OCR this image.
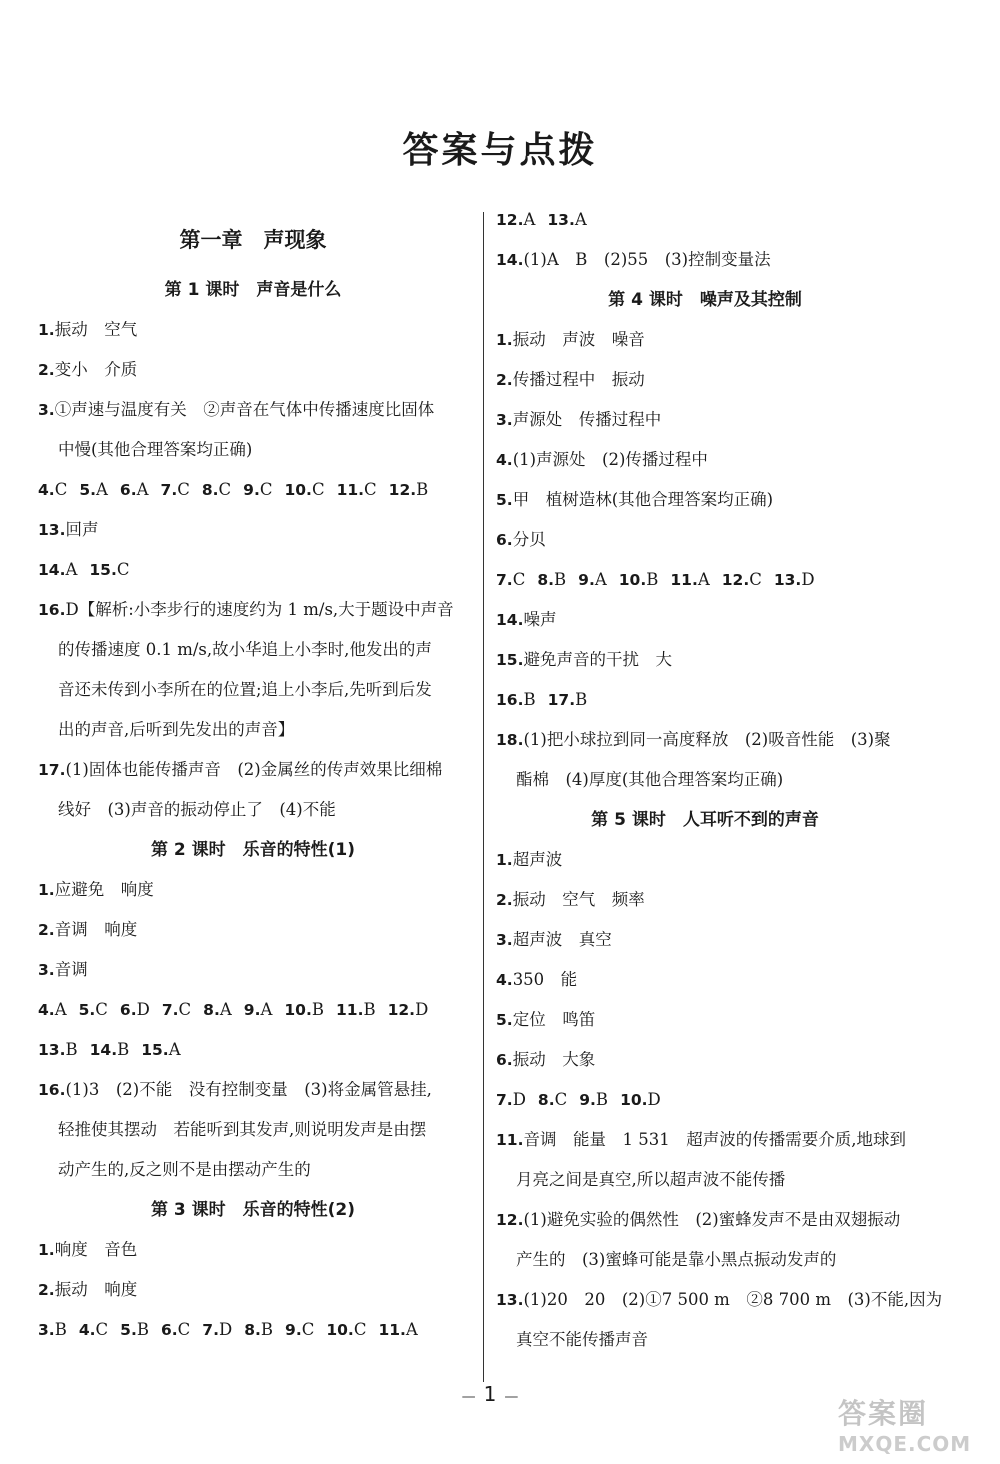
答案与点拨
第一章　声现象
第 1 课时　声音是什么
1.振动　空气
2.变小　介质
3.①声速与温度有关　②声音在气体中传播速度比固体
中慢(其他合理答案均正确)
4.C 5.A 6.A 7.C 8.C 9.C 10.C 11.C 12.B
13.回声
14.A 15.C
16.D【解析:小李步行的速度约为 1 m/s,大于题设中声音
的传播速度 0.1 m/s,故小华追上小李时,他发出的声
音还未传到小李所在的位置;追上小李后,先听到后发
出的声音,后听到先发出的声音】
17.(1)固体也能传播声音　(2)金属丝的传声效果比细棉
线好　(3)声音的振动停止了　(4)不能
第 2 课时　乐音的特性(1)
1.应避免　响度
2.音调　响度
3.音调
4.A 5.C 6.D 7.C 8.A 9.A 10.B 11.B 12.D
13.B 14.B 15.A
16.(1)3　(2)不能　没有控制变量　(3)将金属管悬挂,
轻推使其摆动　若能听到其发声,则说明发声是由摆
动产生的,反之则不是由摆动产生的
第 3 课时　乐音的特性(2)
1.响度　音色
2.振动　响度
3.B 4.C 5.B 6.C 7.D 8.B 9.C 10.C 11.A
12.A 13.A
14.(1)A　B　(2)55　(3)控制变量法
第 4 课时　噪声及其控制
1.振动　声波　噪音
2.传播过程中　振动
3.声源处　传播过程中
4.(1)声源处　(2)传播过程中
5.甲　植树造林(其他合理答案均正确)
6.分贝
7.C 8.B 9.A 10.B 11.A 12.C 13.D
14.噪声
15.避免声音的干扰　大
16.B 17.B
18.(1)把小球拉到同一高度释放　(2)吸音性能　(3)聚
酯棉　(4)厚度(其他合理答案均正确)
第 5 课时　人耳听不到的声音
1.超声波
2.振动　空气　频率
3.超声波　真空
4.350　能
5.定位　鸣笛
6.振动　大象
7.D 8.C 9.B 10.D
11.音调　能量　1 531　超声波的传播需要介质,地球到
月亮之间是真空,所以超声波不能传播
12.(1)避免实验的偶然性　(2)蜜蜂发声不是由双翅振动
产生的　(3)蜜蜂可能是靠小黑点振动发声的
13.(1)20　20　(2)①7 500 m　②8 700 m　(3)不能,因为
真空不能传播声音
— 1 —
答案圈
MXQE.COM
